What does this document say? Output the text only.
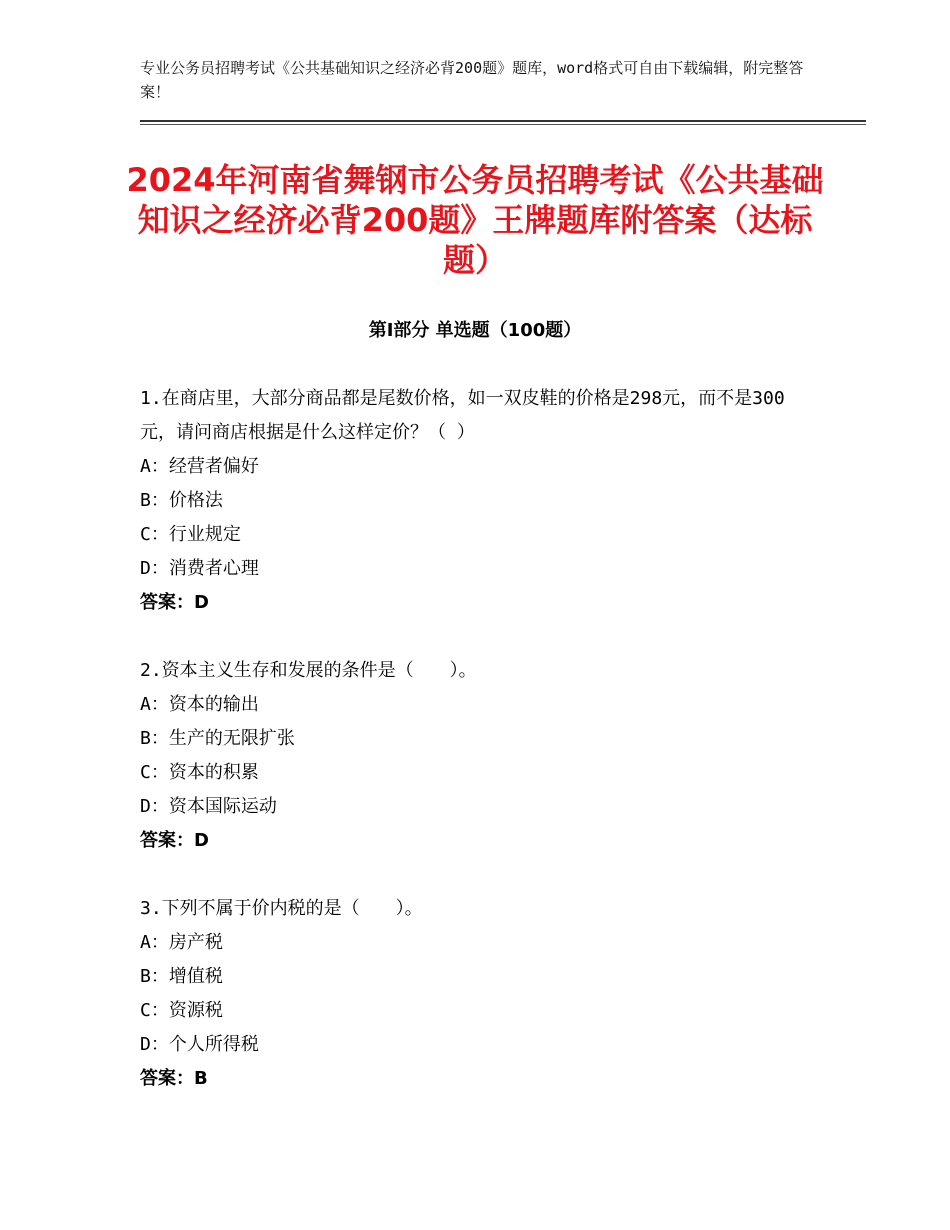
专业公务员招聘考试《公共基础知识之经济必背200题》题库，word格式可自由下载编辑，附完整答案！
2024年河南省舞钢市公务员招聘考试《公共基础知识之经济必背200题》王牌题库附答案（达标题）
第Ⅰ部分 单选题（100题）
1.在商店里，大部分商品都是尾数价格，如一双皮鞋的价格是298元，而不是300元，请问商店根据是什么这样定价？（ ）
A：经营者偏好
B：价格法
C：行业规定
D：消费者心理
答案：D
2.资本主义生存和发展的条件是（　　）。
A：资本的输出
B：生产的无限扩张
C：资本的积累
D：资本国际运动
答案：D
3.下列不属于价内税的是（　　）。
A：房产税
B：增值税
C：资源税
D：个人所得税
答案：B
